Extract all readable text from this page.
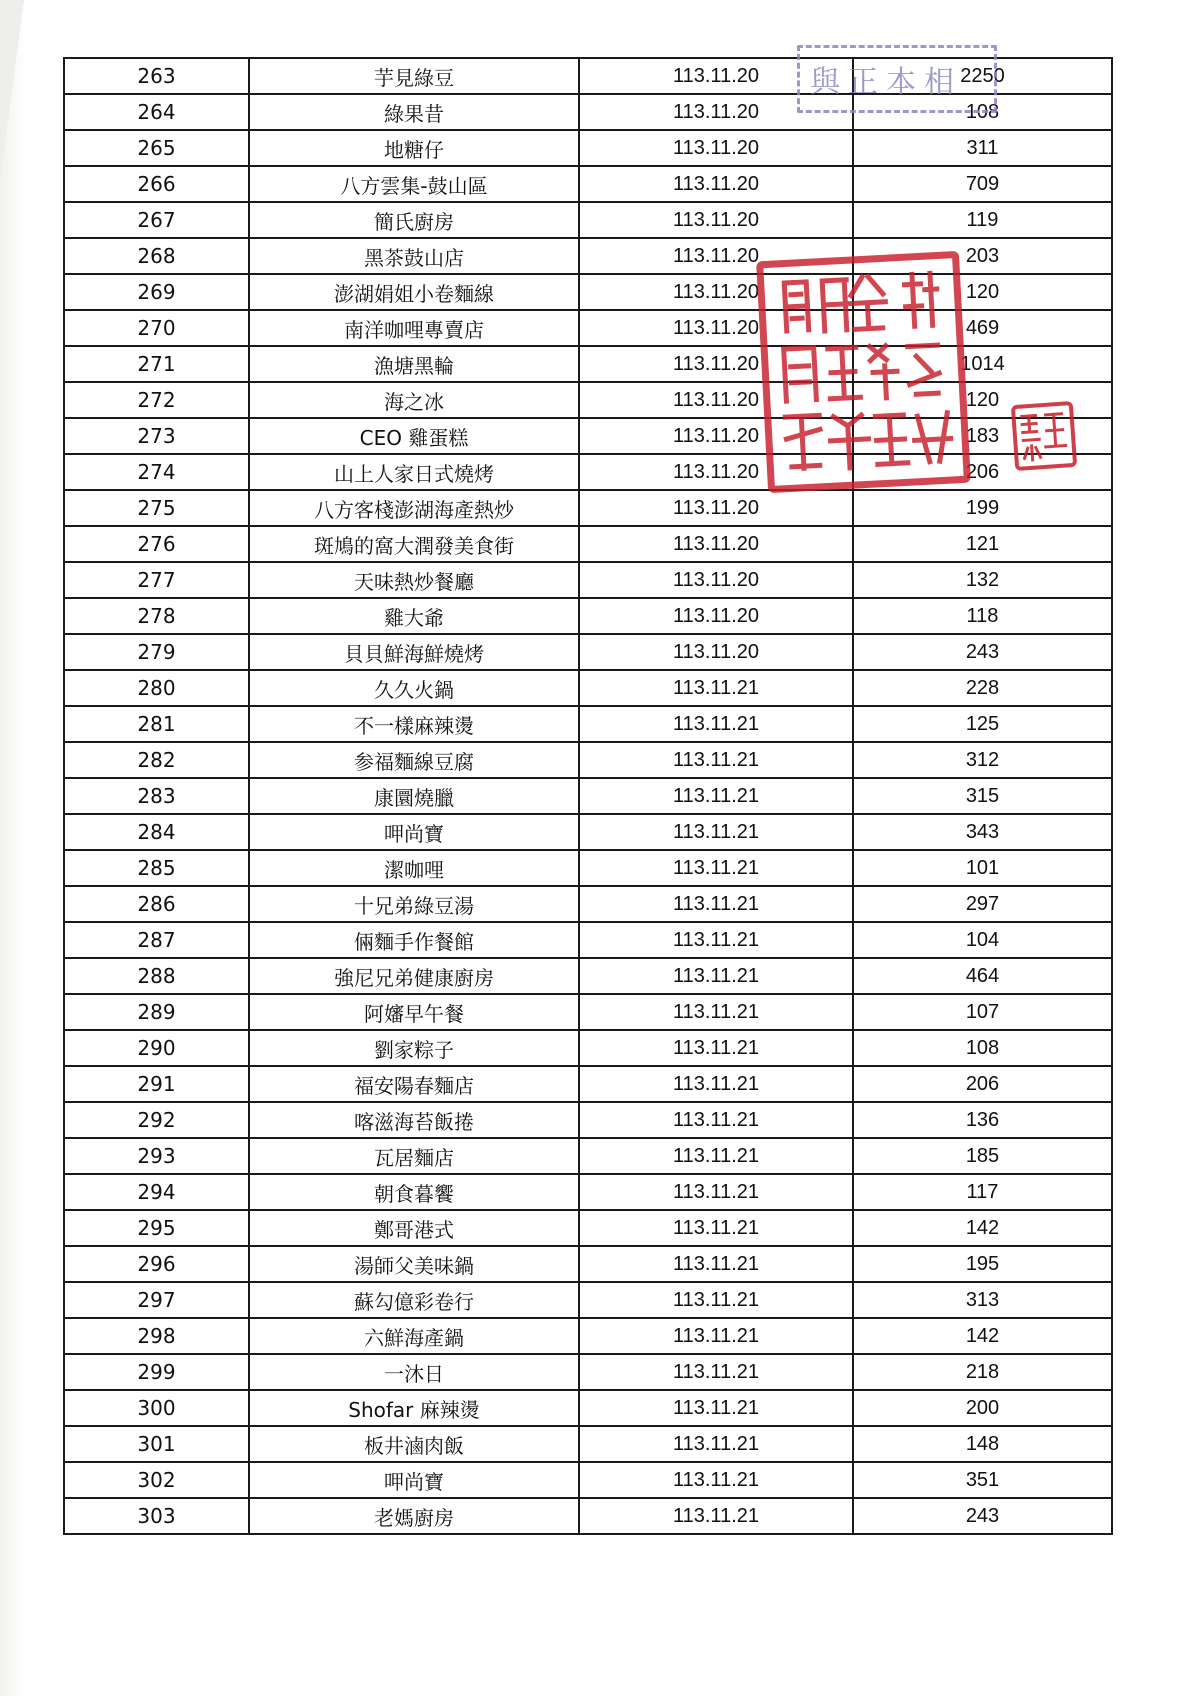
263	芋見綠豆	113.11.20	2250
264	綠果昔	113.11.20	108
265	地糖仔	113.11.20	311
266	八方雲集-鼓山區	113.11.20	709
267	簡氏廚房	113.11.20	119
268	黑茶鼓山店	113.11.20	203
269	澎湖娟姐小卷麵線	113.11.20	120
270	南洋咖哩專賣店	113.11.20	469
271	漁塘黑輪	113.11.20	1014
272	海之冰	113.11.20	120
273	CEO 雞蛋糕	113.11.20	183
274	山上人家日式燒烤	113.11.20	206
275	八方客棧澎湖海產熱炒	113.11.20	199
276	斑鳩的窩大潤發美食街	113.11.20	121
277	天味熱炒餐廳	113.11.20	132
278	雞大爺	113.11.20	118
279	貝貝鮮海鮮燒烤	113.11.20	243
280	久久火鍋	113.11.21	228
281	不一樣麻辣燙	113.11.21	125
282	参福麵線豆腐	113.11.21	312
283	康圜燒臘	113.11.21	315
284	呷尚寶	113.11.21	343
285	潔咖哩	113.11.21	101
286	十兄弟綠豆湯	113.11.21	297
287	倆麵手作餐館	113.11.21	104
288	強尼兄弟健康廚房	113.11.21	464
289	阿嬸早午餐	113.11.21	107
290	劉家粽子	113.11.21	108
291	福安陽春麵店	113.11.21	206
292	喀滋海苔飯捲	113.11.21	136
293	瓦居麵店	113.11.21	185
294	朝食暮饗	113.11.21	117
295	鄭哥港式	113.11.21	142
296	湯師父美味鍋	113.11.21	195
297	蘇勾億彩卷行	113.11.21	313
298	六鮮海產鍋	113.11.21	142
299	一沐日	113.11.21	218
300	Shofar 麻辣燙	113.11.21	200
301	板井滷肉飯	113.11.21	148
302	呷尚寶	113.11.21	351
303	老媽廚房	113.11.21	243
與正本相
